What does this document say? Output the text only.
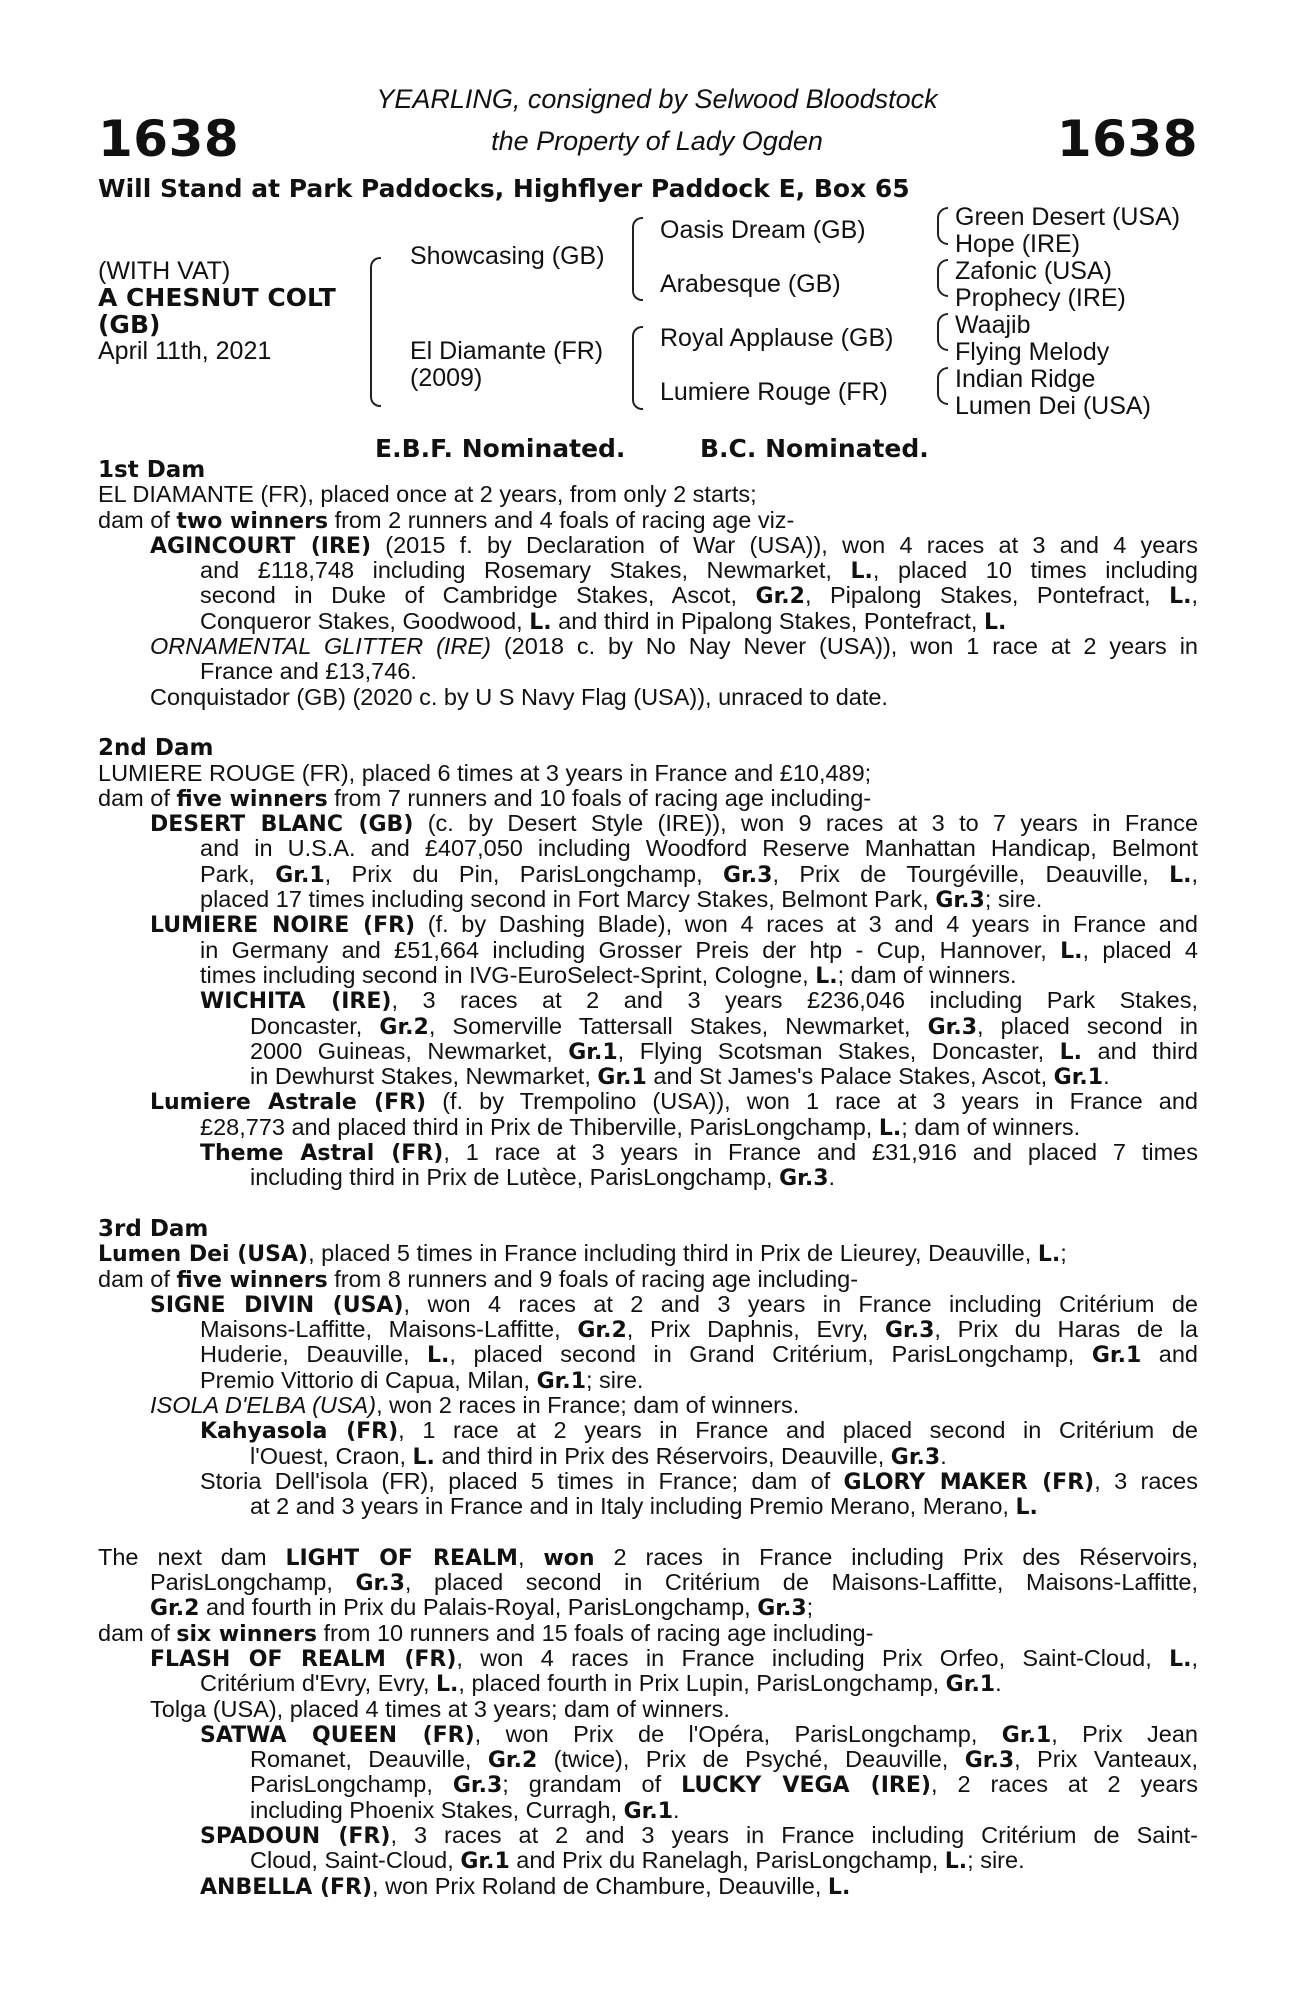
1638	1638
YEARLING, consigned by Selwood Bloodstock
the Property of Lady Ogden
Will Stand at Park Paddocks, Highflyer Paddock E, Box 65
(WITH VAT)
A CHESNUT COLT
(GB)
April 11th, 2021
Showcasing (GB)
El Diamante (FR)
(2009)
Oasis Dream (GB)
Arabesque (GB)
Royal Applause (GB)
Lumiere Rouge (FR)
Green Desert (USA)
Hope (IRE)
Zafonic (USA)
Prophecy (IRE)
Waajib
Flying Melody
Indian Ridge
Lumen Dei (USA)
E.B.F. Nominated.	B.C. Nominated.
1st Dam
EL DIAMANTE (FR), placed once at 2 years, from only 2 starts;
dam of two winners from 2 runners and 4 foals of racing age viz-
AGINCOURT (IRE) (2015 f. by Declaration of War (USA)), won 4 races at 3 and 4 years
and £118,748 including Rosemary Stakes, Newmarket, L., placed 10 times including
second in Duke of Cambridge Stakes, Ascot, Gr.2, Pipalong Stakes, Pontefract, L.,
Conqueror Stakes, Goodwood, L. and third in Pipalong Stakes, Pontefract, L.
ORNAMENTAL GLITTER (IRE) (2018 c. by No Nay Never (USA)), won 1 race at 2 years in
France and £13,746.
Conquistador (GB) (2020 c. by U S Navy Flag (USA)), unraced to date.
2nd Dam
LUMIERE ROUGE (FR), placed 6 times at 3 years in France and £10,489;
dam of five winners from 7 runners and 10 foals of racing age including-
DESERT BLANC (GB) (c. by Desert Style (IRE)), won 9 races at 3 to 7 years in France
and in U.S.A. and £407,050 including Woodford Reserve Manhattan Handicap, Belmont
Park, Gr.1, Prix du Pin, ParisLongchamp, Gr.3, Prix de Tourgéville, Deauville, L.,
placed 17 times including second in Fort Marcy Stakes, Belmont Park, Gr.3; sire.
LUMIERE NOIRE (FR) (f. by Dashing Blade), won 4 races at 3 and 4 years in France and
in Germany and £51,664 including Grosser Preis der htp - Cup, Hannover, L., placed 4
times including second in IVG-EuroSelect-Sprint, Cologne, L.; dam of winners.
WICHITA (IRE), 3 races at 2 and 3 years £236,046 including Park Stakes,
Doncaster, Gr.2, Somerville Tattersall Stakes, Newmarket, Gr.3, placed second in
2000 Guineas, Newmarket, Gr.1, Flying Scotsman Stakes, Doncaster, L. and third
in Dewhurst Stakes, Newmarket, Gr.1 and St James's Palace Stakes, Ascot, Gr.1.
Lumiere Astrale (FR) (f. by Trempolino (USA)), won 1 race at 3 years in France and
£28,773 and placed third in Prix de Thiberville, ParisLongchamp, L.; dam of winners.
Theme Astral (FR), 1 race at 3 years in France and £31,916 and placed 7 times
including third in Prix de Lutèce, ParisLongchamp, Gr.3.
3rd Dam
Lumen Dei (USA), placed 5 times in France including third in Prix de Lieurey, Deauville, L.;
dam of five winners from 8 runners and 9 foals of racing age including-
SIGNE DIVIN (USA), won 4 races at 2 and 3 years in France including Critérium de
Maisons-Laffitte, Maisons-Laffitte, Gr.2, Prix Daphnis, Evry, Gr.3, Prix du Haras de la
Huderie, Deauville, L., placed second in Grand Critérium, ParisLongchamp, Gr.1 and
Premio Vittorio di Capua, Milan, Gr.1; sire.
ISOLA D'ELBA (USA), won 2 races in France; dam of winners.
Kahyasola (FR), 1 race at 2 years in France and placed second in Critérium de
l'Ouest, Craon, L. and third in Prix des Réservoirs, Deauville, Gr.3.
Storia Dell'isola (FR), placed 5 times in France; dam of GLORY MAKER (FR), 3 races
at 2 and 3 years in France and in Italy including Premio Merano, Merano, L.
The next dam LIGHT OF REALM, won 2 races in France including Prix des Réservoirs,
ParisLongchamp, Gr.3, placed second in Critérium de Maisons-Laffitte, Maisons-Laffitte,
Gr.2 and fourth in Prix du Palais-Royal, ParisLongchamp, Gr.3;
dam of six winners from 10 runners and 15 foals of racing age including-
FLASH OF REALM (FR), won 4 races in France including Prix Orfeo, Saint-Cloud, L.,
Critérium d'Evry, Evry, L., placed fourth in Prix Lupin, ParisLongchamp, Gr.1.
Tolga (USA), placed 4 times at 3 years; dam of winners.
SATWA QUEEN (FR), won Prix de l'Opéra, ParisLongchamp, Gr.1, Prix Jean
Romanet, Deauville, Gr.2 (twice), Prix de Psyché, Deauville, Gr.3, Prix Vanteaux,
ParisLongchamp, Gr.3; grandam of LUCKY VEGA (IRE), 2 races at 2 years
including Phoenix Stakes, Curragh, Gr.1.
SPADOUN (FR), 3 races at 2 and 3 years in France including Critérium de Saint-
Cloud, Saint-Cloud, Gr.1 and Prix du Ranelagh, ParisLongchamp, L.; sire.
ANBELLA (FR), won Prix Roland de Chambure, Deauville, L.
